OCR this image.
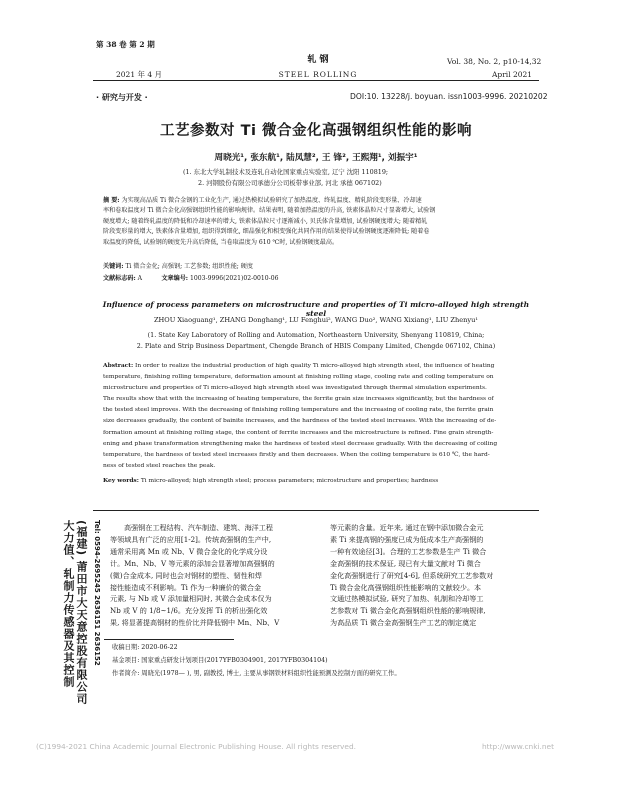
第 38 卷 第 2 期
2021 年 4 月
轧 钢
STEEL ROLLING
Vol. 38, No. 2, p10-14,32
April 2021
· 研究与开发 ·	DOI:10. 13228/j. boyuan. issn1003-9996. 20210202
工艺参数对 Ti 微合金化高强钢组织性能的影响
周晓光¹, 张东航¹, 陆凤慧², 王 锋², 王熙翔¹, 刘振宇¹
(1. 东北大学轧制技术及连轧自动化国家重点实验室, 辽宁 沈阳 110819;
2. 河钢股份有限公司承德分公司板带事业部, 河北 承德 067102)
摘 要: 为实现高品质 Ti 微合金钢的工业化生产, 通过热模拟试验研究了加热温度、终轧温度、精轧阶段变形量、冷却速
率和卷取温度对 Ti 微合金化高强钢组织性能的影响规律。结果表明, 随着加热温度的升高, 铁素体晶粒尺寸显著增大, 试验钢
硬度增大; 随着终轧温度的降低和冷却速率的增大, 铁素体晶粒尺寸逐渐减小, 贝氏体含量增加, 试验钢硬度增大; 随着精轧
阶段变形量的增大, 铁素体含量增加, 组织得到细化, 细晶强化和相变强化共同作用的结果使得试验钢硬度逐渐降低; 随着卷
取温度的降低, 试验钢的硬度先升高后降低, 当卷取温度为 610 ℃时, 试验钢硬度最高。
关键词: Ti 微合金化; 高强钢; 工艺参数; 组织性能; 硬度
文献标志码: A	文章编号: 1003-9996(2021)02-0010-06
Influence of process parameters on microstructure and properties of Ti micro-alloyed high strength steel
ZHOU Xiaoguang¹, ZHANG Donghang¹, LU Fenghui², WANG Duo², WANG Xixiang¹, LIU Zhenyu¹
(1. State Key Laboratory of Rolling and Automation, Northeastern University, Shenyang 110819, China;
2. Plate and Strip Business Department, Chengde Branch of HBIS Company Limited, Chengde 067102, China)
Abstract: In order to realize the industrial production of high quality Ti micro-alloyed high strength steel, the influence of heating
temperature, finishing rolling temperature, deformation amount at finishing rolling stage, cooling rate and coiling temperature on
microstructure and properties of Ti micro-alloyed high strength steel was investigated through thermal simulation experiments.
The results show that with the increasing of heating temperature, the ferrite grain size increases significantly, but the hardness of
the tested steel improves. With the decreasing of finishing rolling temperature and the increasing of cooling rate, the ferrite grain
size decreases gradually, the content of bainite increases, and the hardness of the tested steel increases. With the increasing of de-
formation amount at finishing rolling stage, the content of ferrite increases and the microstructure is refined. Fine grain strength-
ening and phase transformation strengthening make the hardness of tested steel decrease gradually. With the decreasing of coiling
temperature, the hardness of tested steel increases firstly and then decreases. When the coiling temperature is 610 ℃, the hard-
ness of tested steel reaches the peak.
Key words: Ti micro-alloyed; high strength steel; process parameters; microstructure and properties; hardness
大力值、轧制力传感器及其控制 (福建) 莆田市大天意控股有限公司 Tel: 0594-2695245 2636151 2636152	高强钢在工程结构、汽车制造、建筑、海洋工程
等领域具有广泛的应用[1-2]。传统高强钢的生产中,
通常采用离 Mn 或 Nb、V 微合金化的化学成分设
计。Mn、Nb、V 等元素的添加会显著增加高强钢的
(微)合金成本, 同时也会对钢材的塑性、韧性和焊
接性能造成不利影响。Ti 作为一种廉价的微合金
元素, 与 Nb 或 V 添加量相同时, 其微合金成本仅为
Nb 或 V 的 1/8~1/6。充分发挥 Ti 的析出强化效
果, 将显著提高钢材的性价比并降低钢中 Mn、Nb、V
等元素的含量。近年来, 通过在钢中添加微合金元
素 Ti 来提高钢的强度已成为低成本生产高强钢的
一种有效途径[3]。合理的工艺参数是生产 Ti 微合
金高强钢的技术保证, 现已有大量文献对 Ti 微合
金化高强钢进行了研究[4-6], 但系统研究工艺参数对
Ti 微合金化高强钢组织性能影响的文献较少。本
文通过热模拟试验, 研究了加热、轧制和冷却等工
艺参数对 Ti 微合金化高强钢组织性能的影响规律,
为高品质 Ti 微合金高强钢生产工艺的制定奠定
收稿日期: 2020-06-22
基金项目: 国家重点研发计划项目(2017YFB0304901, 2017YFB0304104)
作者简介: 周晓光(1978— ), 男, 副教授, 博士, 主要从事钢铁材料组织性能预测及控制方面的研究工作。
(C)1994-2021 China Academic Journal Electronic Publishing House. All rights reserved.	http://www.cnki.net
